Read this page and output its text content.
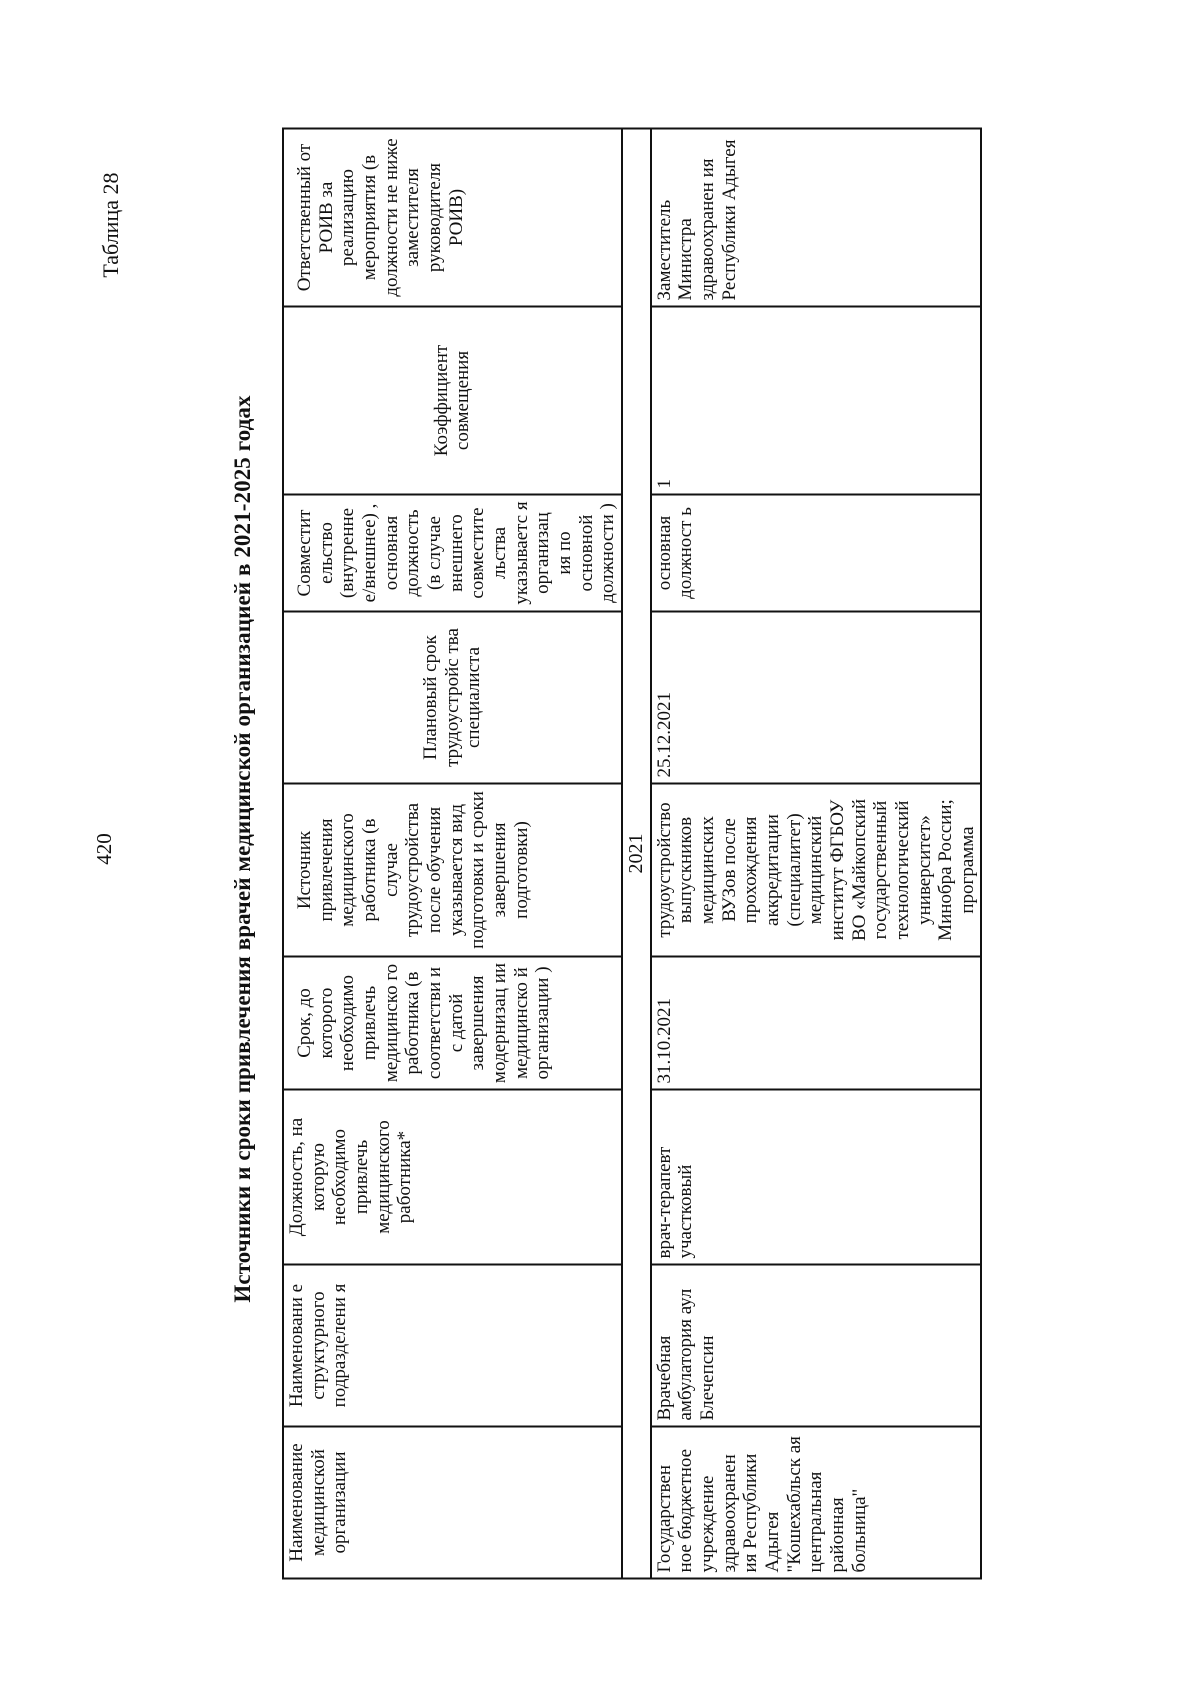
420
Таблица 28
Источники и сроки привлечения врачей медицинской организацией в 2021-2025 годах
Наименование медицинской организации	Наименовани е структурного подразделени я	Должность, на которую необходимо привлечь медицинского работника*	Срок, до которого необходимо привлечь медицинско го работника (в соответстви и с датой завершения модернизац ии медицинско й организации )	Источник привлечения медицинского работника (в случае трудоустройства после обучения указывается вид подготовки и сроки завершения подготовки)	Плановый срок трудоустройс тва специалиста	Совместит ельство (внутренне е/внешнее) , основная должность (в случае внешнего совместите льства указываетс я организац ия по основной должности )	Коэффициент совмещения	Ответственный от РОИВ за реализацию мероприятия (в должности не ниже заместителя руководителя РОИВ)
2021								
Государствен ное бюджетное учреждение здравоохранен ия Республики Адыгея "Кошехабльск ая центральная районная больница"	Врачебная амбулатория аул Блечепсин	врач-терапевт участковый	31.10.2021	трудоустройство выпускников медицинских ВУЗов после прохождения аккредитации (специалитет) медицинский институт ФГБОУ ВО «Майкопский государственный технологический университет» Минобра России; программа	25.12.2021	основная должност ь	1	Заместитель Министра здравоохранен ия Республики Адыгея
